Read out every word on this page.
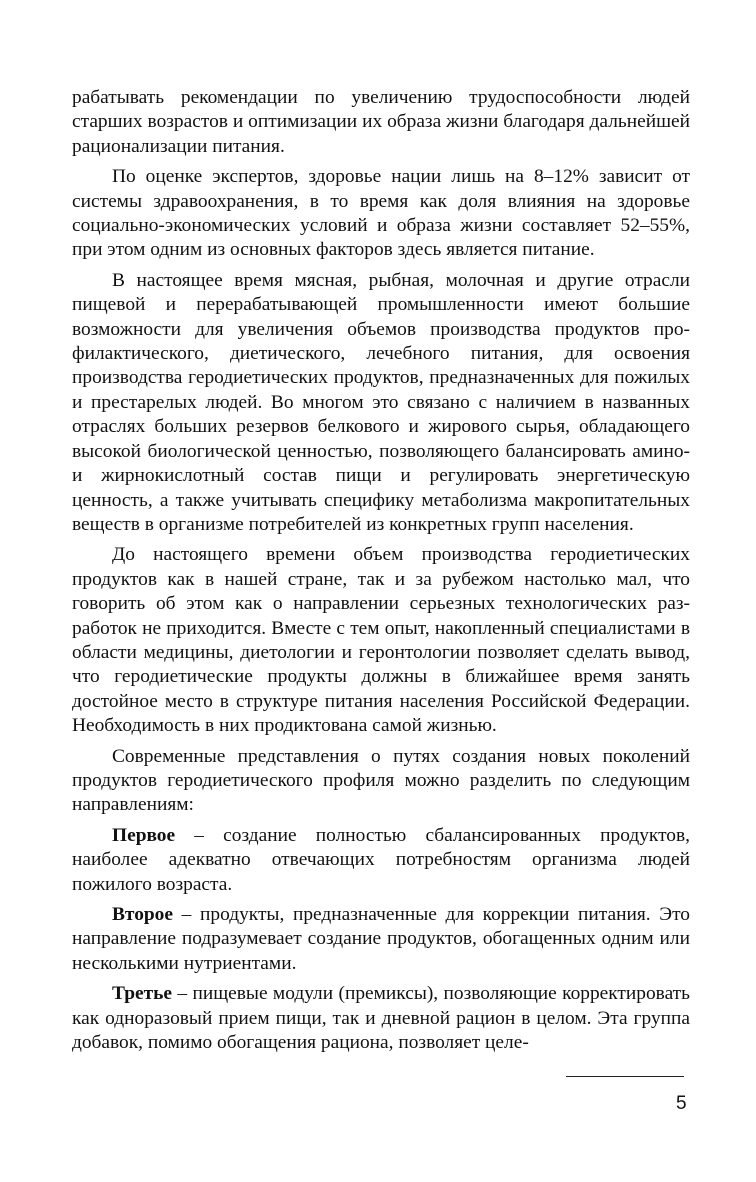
рабатывать рекомендации по увеличению трудоспособности людей старших возрастов и оптимизации их образа жизни благодаря дальнейшей рационализации питания.

По оценке экспертов, здоровье нации лишь на 8–12% зависит от системы здравоохранения, в то время как доля влияния на здоровье социально-экономических условий и образа жизни составляет 52–55%, при этом одним из основных факторов здесь является питание.

В настоящее время мясная, рыбная, молочная и другие отрасли пищевой и перерабатывающей промышленности имеют большие возможности для увеличения объемов производства продуктов профилактического, диетического, лечебного питания, для освоения производства геродиетических продуктов, предназначенных для пожилых и престарелых людей. Во многом это связано с наличием в названных отраслях больших резервов белкового и жирового сырья, обладающего высокой биологической ценностью, позволяющего балансировать амино- и жирнокислотный состав пищи и регулировать энергетическую ценность, а также учитывать специфику метаболизма макропитательных веществ в организме потребителей из конкретных групп населения.

До настоящего времени объем производства геродиетических продуктов как в нашей стране, так и за рубежом настолько мал, что говорить об этом как о направлении серьезных технологических разработок не приходится. Вместе с тем опыт, накопленный специалистами в области медицины, диетологии и геронтологии позволяет сделать вывод, что геродиетические продукты должны в ближайшее время занять достойное место в структуре питания населения Российской Федерации. Необходимость в них продиктована самой жизнью.

Современные представления о путях создания новых поколений продуктов геродиетического профиля можно разделить по следующим направлениям:

Первое – создание полностью сбалансированных продуктов, наиболее адекватно отвечающих потребностям организма людей пожилого возраста.

Второе – продукты, предназначенные для коррекции питания. Это направление подразумевает создание продуктов, обогащенных одним или несколькими нутриентами.

Третье – пищевые модули (премиксы), позволяющие корректировать как одноразовый прием пищи, так и дневной рацион в целом. Эта группа добавок, помимо обогащения рациона, позволяет целе-

5
